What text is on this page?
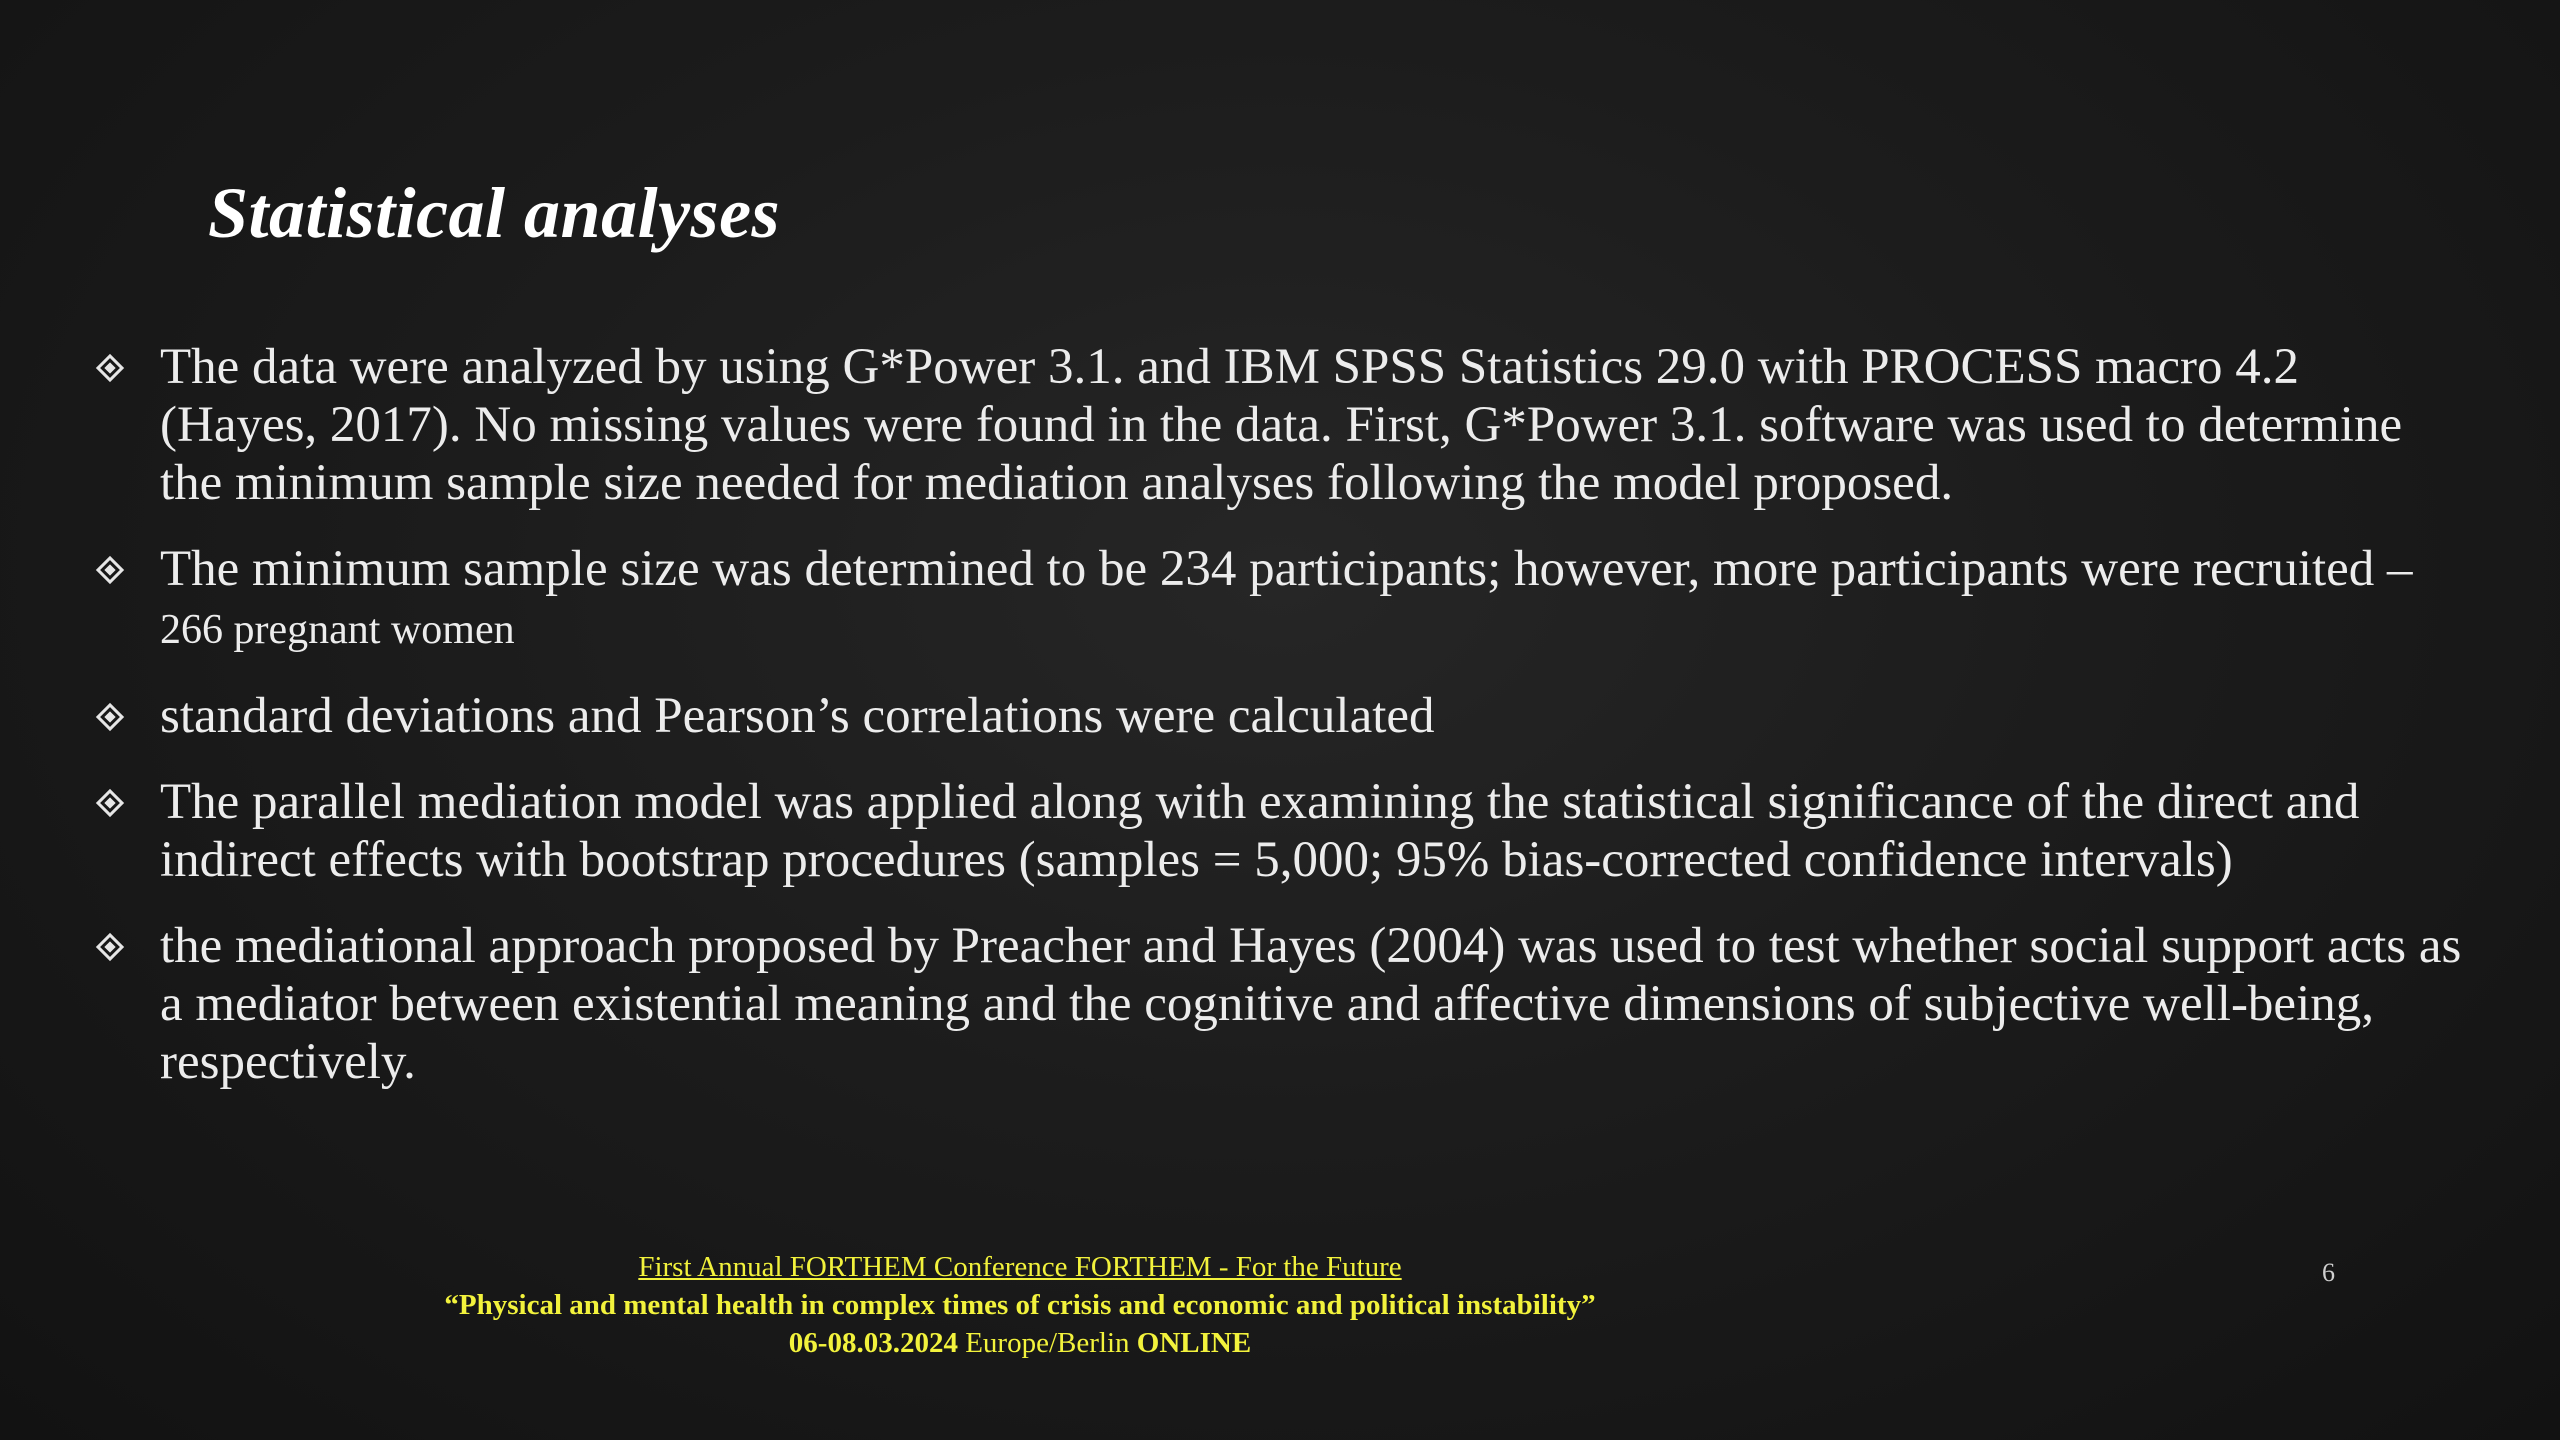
Statistical analyses
The data were analyzed by using G*Power 3.1. and IBM SPSS Statistics 29.0 with PROCESS macro 4.2 (Hayes, 2017). No missing values were found in the data. First, G*Power 3.1. software was used to determine the minimum sample size needed for mediation analyses following the model proposed.
The minimum sample size was determined to be 234 participants; however, more participants were recruited – 266 pregnant women
standard deviations and Pearson’s correlations were calculated
The parallel mediation model was applied along with examining the statistical significance of the direct and indirect effects with bootstrap procedures (samples = 5,000; 95% bias-corrected confidence intervals)
the mediational approach proposed by Preacher and Hayes (2004) was used to test whether social support acts as a mediator between existential meaning and the cognitive and affective dimensions of subjective well-being, respectively.
First Annual FORTHEM Conference FORTHEM - For the Future
“Physical and mental health in complex times of crisis and economic and political instability”
06-08.03.2024 Europe/Berlin ONLINE
6
